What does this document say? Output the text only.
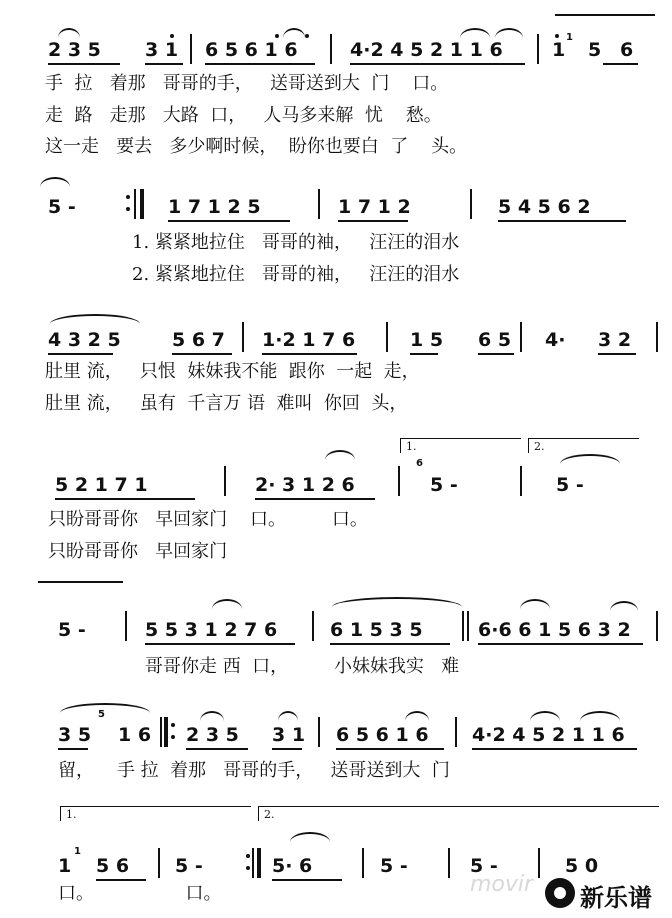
2 3 5 3 1 6 5 6 1 6	4·2 4 5 2 1 1 6	1
1
5 6
手  拉   着那   哥哥的手，   送哥送到大  门    口。
走  路   走那   大路  口，   人马多来解  忧    愁。
这一走   要去   多少啊时候，  盼你也要白  了    头。
5 -	1 7 1 2 5	1 7 1 2	5 4 5 6 2
1. 紧紧地拉住   哥哥的袖，   汪汪的泪水
2. 紧紧地拉住   哥哥的袖，   汪汪的泪水
4 3 2 5	5 6 7 1·2 1 7 6	1 5 6 5 4· 3 2
肚里 流，   只恨  妹妹我不能  跟你  一起  走，
肚里 流，   虽有  千言万 语  难叫  你回  头，
1.	2.
5 2 1 7 1	2· 3 1 2 6
6
5 -	5 -
只盼哥哥你   早回家门    口。        口。
只盼哥哥你   早回家门
5 -	5 5 3 1 2 7 6	6 1 5 3 5	6·6 6 1 5 6 3 2
哥哥你走 西  口，        小妹妹我实   难
3 5
5
1 6 2 3 5 3 1 6 5 6 1 6 4·2 4 5 2 1 1 6
留，    手 拉  着那   哥哥的手，   送哥送到大  门
1.	2.
1
1
5 6 5 -	5· 6	5 -	5 -	5 0
口。                口。	movir 新乐谱
